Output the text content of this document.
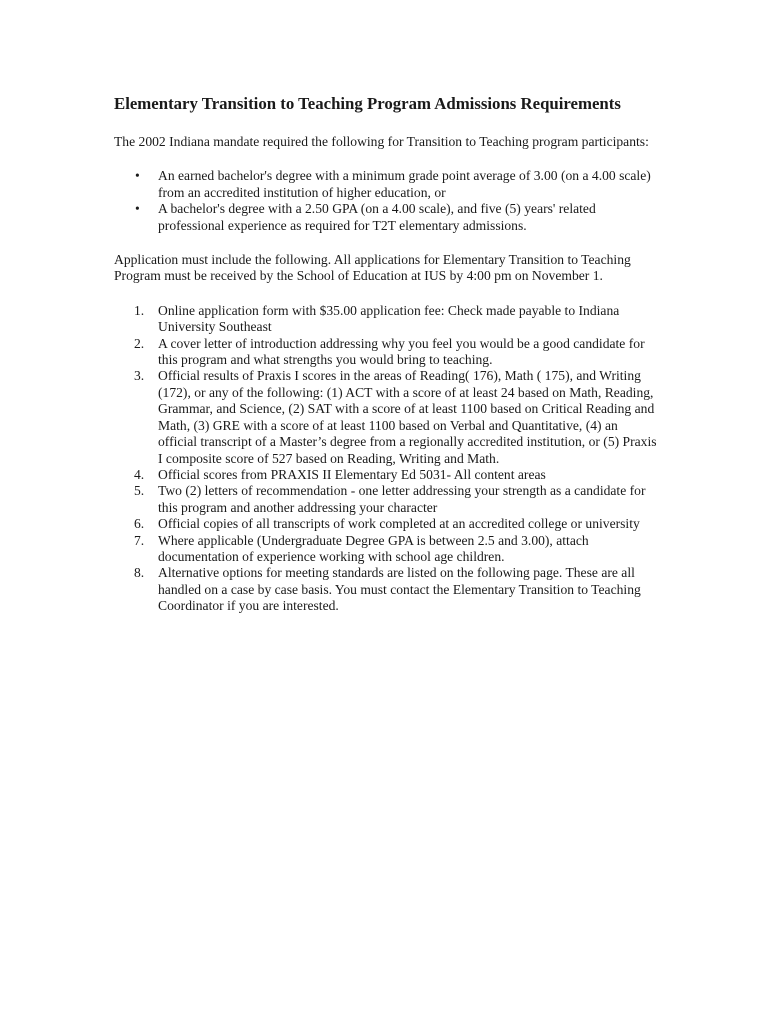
Elementary Transition to Teaching Program Admissions Requirements

The 2002 Indiana mandate required the following for Transition to Teaching program participants:

• An earned bachelor's degree with a minimum grade point average of 3.00 (on a 4.00 scale) from an accredited institution of higher education, or
• A bachelor's degree with a 2.50 GPA (on a 4.00 scale), and five (5) years' related professional experience as required for T2T elementary admissions.

Application must include the following. All applications for Elementary Transition to Teaching Program must be received by the School of Education at IUS by 4:00 pm on November 1.

1. Online application form with $35.00 application fee: Check made payable to Indiana University Southeast
2. A cover letter of introduction addressing why you feel you would be a good candidate for this program and what strengths you would bring to teaching.
3. Official results of Praxis I scores in the areas of Reading( 176), Math ( 175), and Writing (172), or any of the following: (1) ACT with a score of at least 24 based on Math, Reading, Grammar, and Science, (2) SAT with a score of at least 1100 based on Critical Reading and Math, (3) GRE with a score of at least 1100 based on Verbal and Quantitative, (4) an official transcript of a Master’s degree from a regionally accredited institution, or (5) Praxis I composite score of 527 based on Reading, Writing and Math.
4. Official scores from PRAXIS II Elementary Ed 5031- All content areas
5. Two (2) letters of recommendation - one letter addressing your strength as a candidate for this program and another addressing your character
6. Official copies of all transcripts of work completed at an accredited college or university
7. Where applicable (Undergraduate Degree GPA is between 2.5 and 3.00), attach documentation of experience working with school age children.
8. Alternative options for meeting standards are listed on the following page. These are all handled on a case by case basis. You must contact the Elementary Transition to Teaching Coordinator if you are interested.
